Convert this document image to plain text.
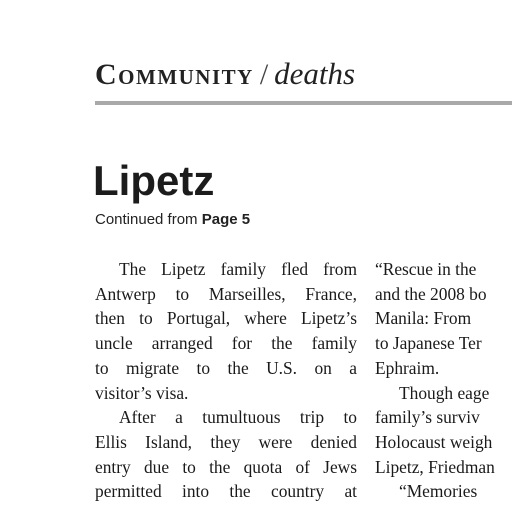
Community / deaths
Lipetz
Continued from Page 5
The Lipetz family fled from
Antwerp to Marseilles, France,
then to Portugal, where Lipetz’s
uncle arranged for the family
to migrate to the U.S. on a
visitor’s visa.
After a tumultuous trip to
Ellis Island, they were denied
entry due to the quota of Jews
permitted into the country at
“Rescue in the
and the 2008 bo
Manila: From
to Japanese Ter
Ephraim.
Though eage
family’s surviv
Holocaust weigh
Lipetz, Friedman
“Memories
